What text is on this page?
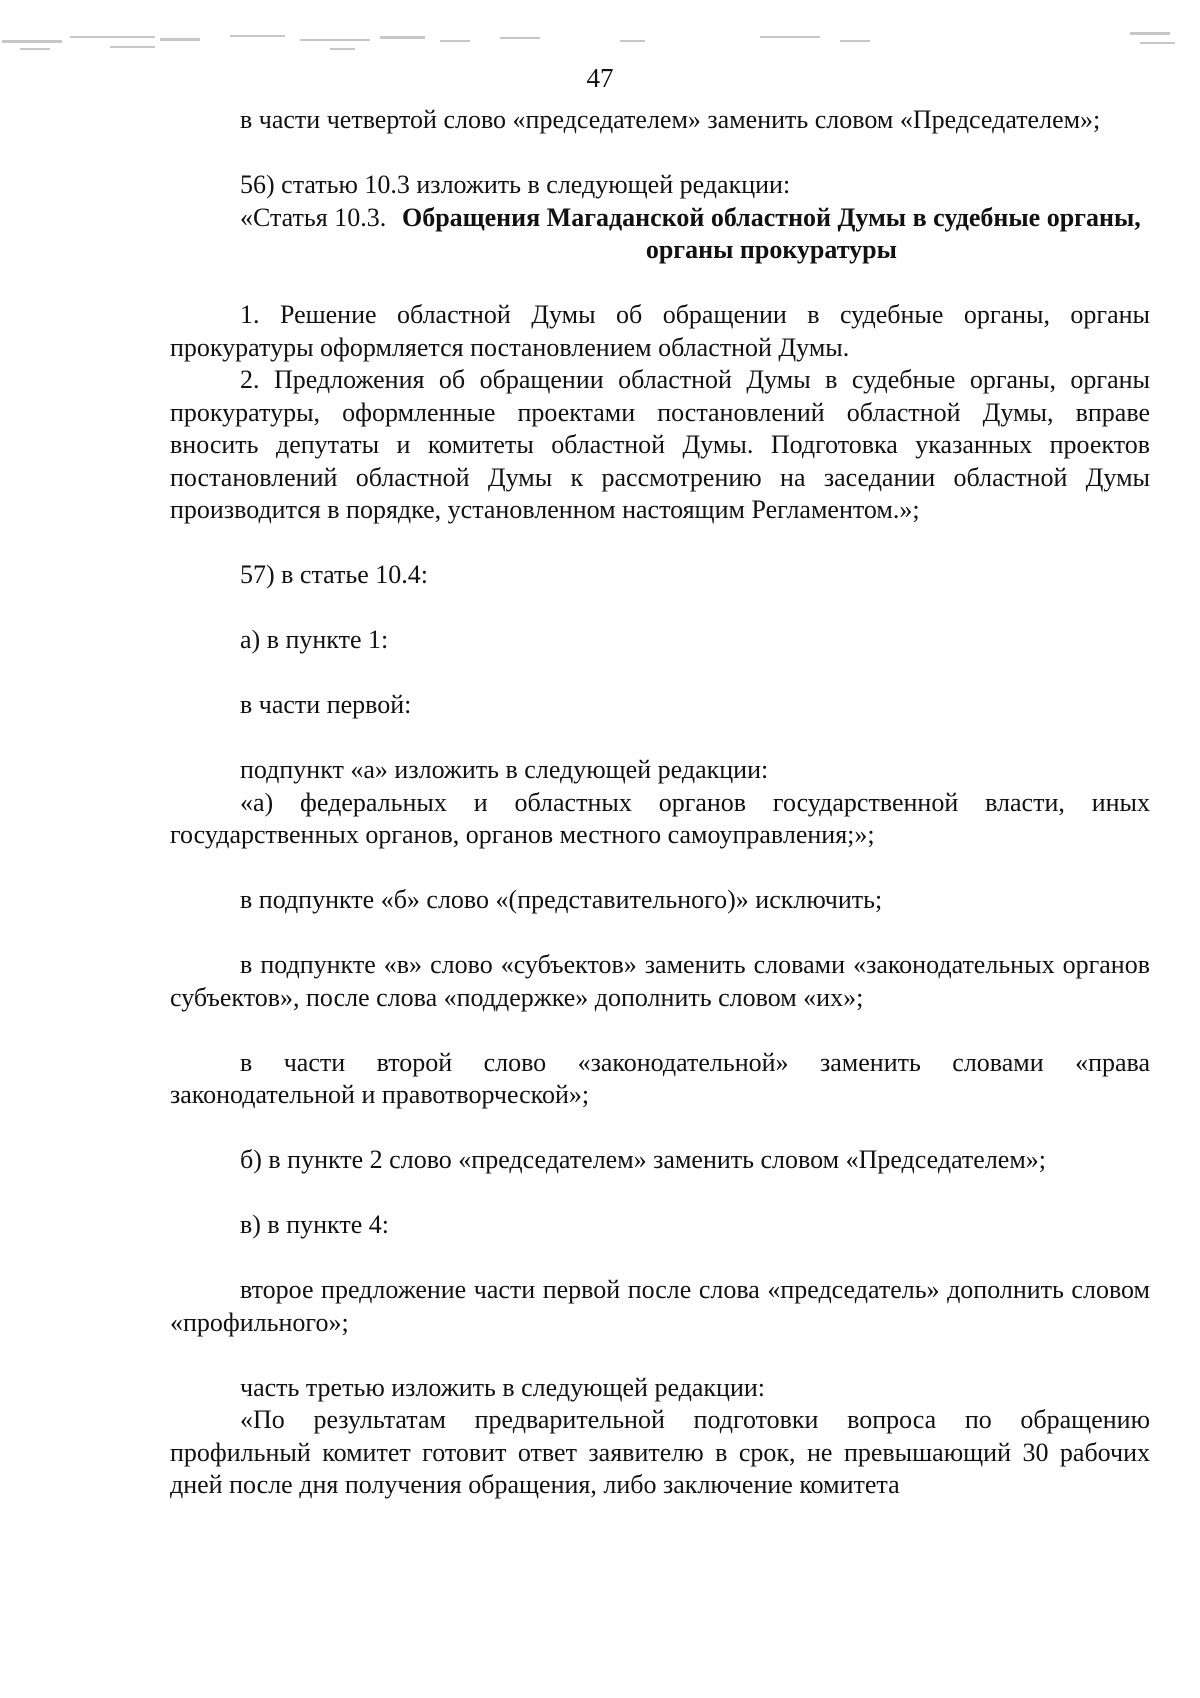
47

в части четвертой слово «председателем» заменить словом «Председателем»;

56) статью 10.3 изложить в следующей редакции:

«Статья 10.3. Обращения Магаданской областной Думы в судебные органы, органы прокуратуры

1. Решение областной Думы об обращении в судебные органы, органы прокуратуры оформляется постановлением областной Думы.

2. Предложения об обращении областной Думы в судебные органы, органы прокуратуры, оформленные проектами постановлений областной Думы, вправе вносить депутаты и комитеты областной Думы. Подготовка указанных проектов постановлений областной Думы к рассмотрению на заседании областной Думы производится в порядке, установленном настоящим Регламентом.»;

57) в статье 10.4:

а) в пункте 1:

в части первой:

подпункт «а» изложить в следующей редакции:

«а) федеральных и областных органов государственной власти, иных государственных органов, органов местного самоуправления;»;

в подпункте «б» слово «(представительного)» исключить;

в подпункте «в» слово «субъектов» заменить словами «законодательных органов субъектов», после слова «поддержке» дополнить словом «их»;

в части второй слово «законодательной» заменить словами «права законодательной и правотворческой»;

б) в пункте 2 слово «председателем» заменить словом «Председателем»;

в) в пункте 4:

второе предложение части первой после слова «председатель» дополнить словом «профильного»;

часть третью изложить в следующей редакции:

«По результатам предварительной подготовки вопроса по обращению профильный комитет готовит ответ заявителю в срок, не превышающий 30 рабочих дней после дня получения обращения, либо заключение комитета
